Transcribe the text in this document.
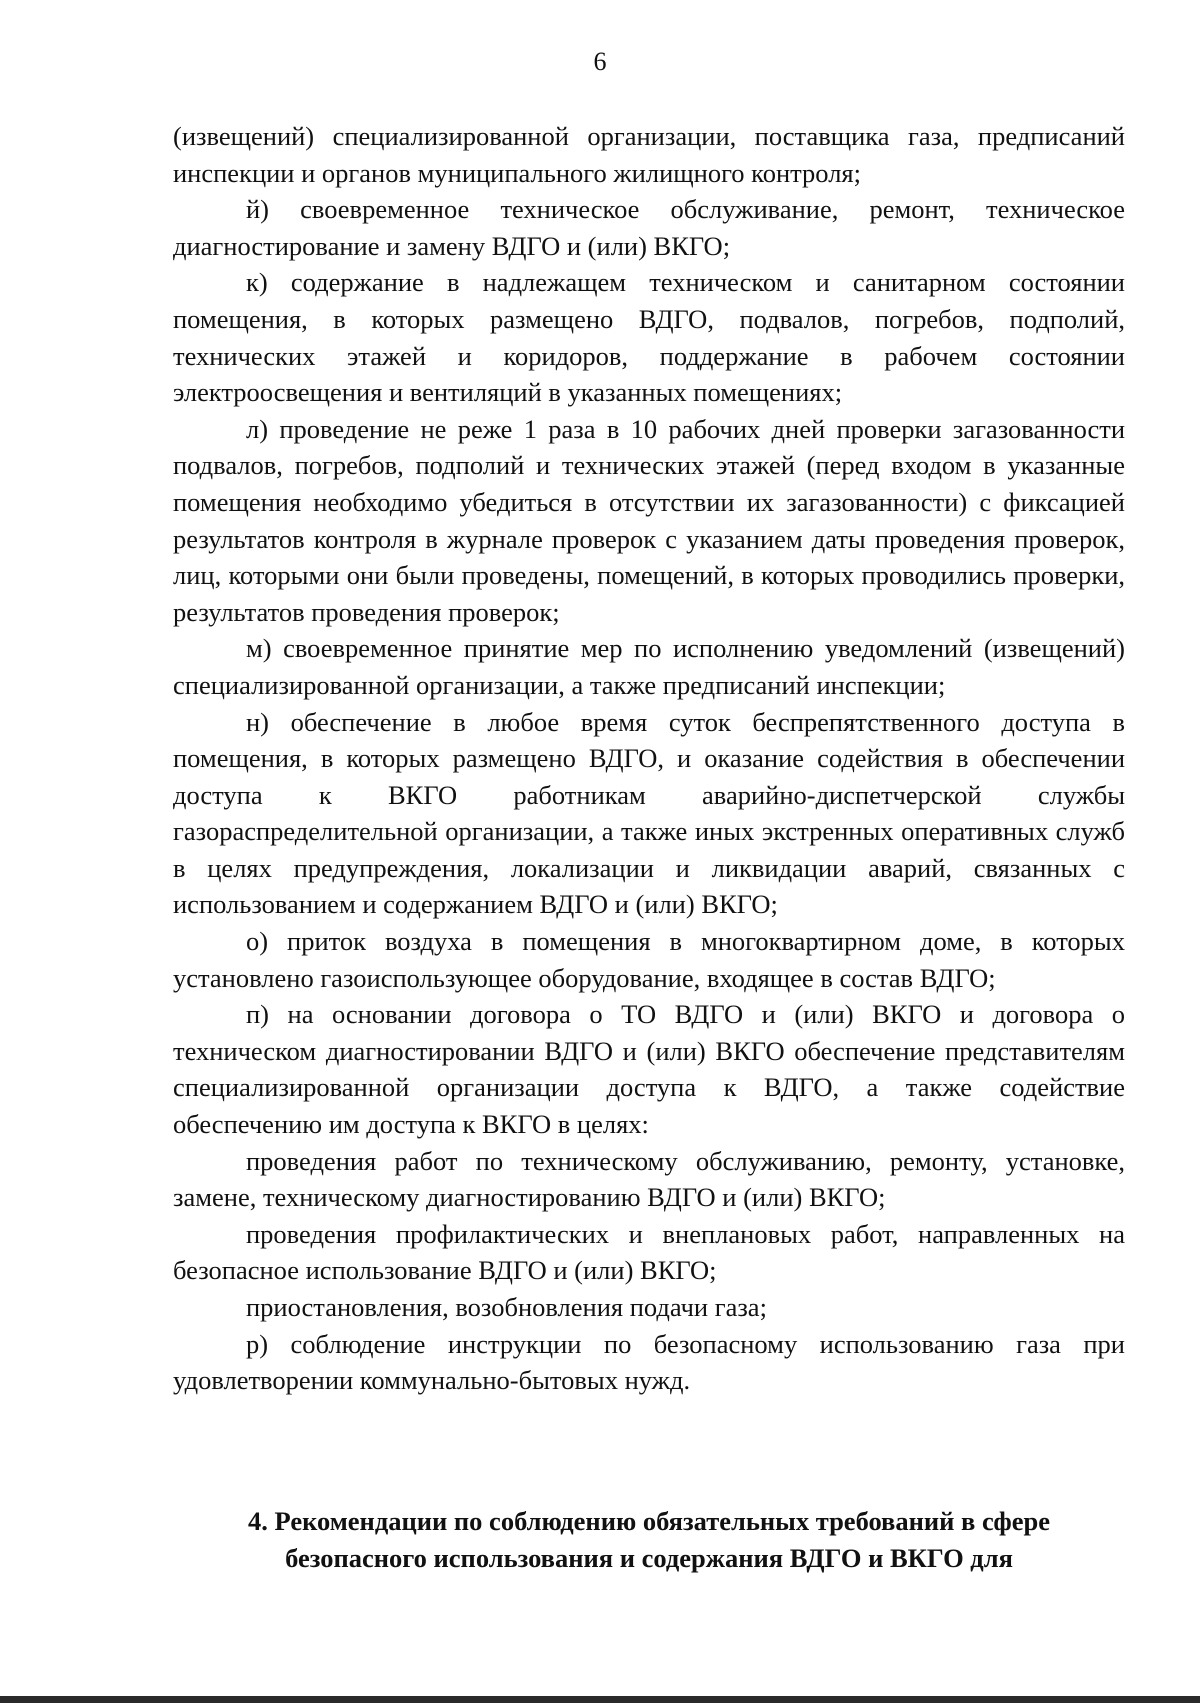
6

(извещений) специализированной организации, поставщика газа, предписаний инспекции и органов муниципального жилищного контроля;

й) своевременное техническое обслуживание, ремонт, техническое диагностирование и замену ВДГО и (или) ВКГО;

к) содержание в надлежащем техническом и санитарном состоянии помещения, в которых размещено ВДГО, подвалов, погребов, подполий, технических этажей и коридоров, поддержание в рабочем состоянии электроосвещения и вентиляций в указанных помещениях;

л) проведение не реже 1 раза в 10 рабочих дней проверки загазованности подвалов, погребов, подполий и технических этажей (перед входом в указанные помещения необходимо убедиться в отсутствии их загазованности) с фиксацией результатов контроля в журнале проверок с указанием даты проведения проверок, лиц, которыми они были проведены, помещений, в которых проводились проверки, результатов проведения проверок;

м) своевременное принятие мер по исполнению уведомлений (извещений) специализированной организации, а также предписаний инспекции;

н) обеспечение в любое время суток беспрепятственного доступа в помещения, в которых размещено ВДГО, и оказание содействия в обеспечении доступа к ВКГО работникам аварийно-диспетчерской службы газораспределительной организации, а также иных экстренных оперативных служб в целях предупреждения, локализации и ликвидации аварий, связанных с использованием и содержанием ВДГО и (или) ВКГО;

о) приток воздуха в помещения в многоквартирном доме, в которых установлено газоиспользующее оборудование, входящее в состав ВДГО;

п) на основании договора о ТО ВДГО и (или) ВКГО и договора о техническом диагностировании ВДГО и (или) ВКГО обеспечение представителям специализированной организации доступа к ВДГО, а также содействие обеспечению им доступа к ВКГО в целях:

проведения работ по техническому обслуживанию, ремонту, установке, замене, техническому диагностированию ВДГО и (или) ВКГО;

проведения профилактических и внеплановых работ, направленных на безопасное использование ВДГО и (или) ВКГО;

приостановления, возобновления подачи газа;

р) соблюдение инструкции по безопасному использованию газа при удовлетворении коммунально-бытовых нужд.

4. Рекомендации по соблюдению обязательных требований в сфере
безопасного использования и содержания ВДГО и ВКГО для
